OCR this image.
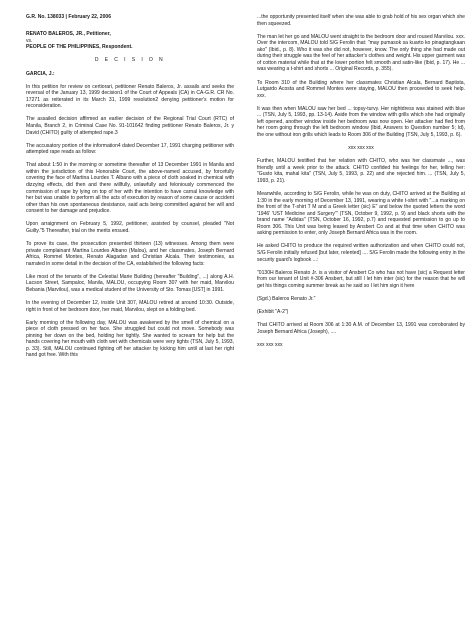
G.R. No. 138033 | February 22, 2006

RENATO BALEROS, JR., Petitioner,

vs.

PEOPLE OF THE PHILIPPINES, Respondent.

D E C I S I O N

GARCIA, J.:

In this petition for review on certiorari, petitioner Renato Baleros, Jr. assails and seeks the reversal of the January 13, 1999 decision1 of the Court of Appeals (CA) in CA-G.R. CR No. 17271 as reiterated in its March 31, 1999 resolution2 denying petitioner's motion for reconsideration.

The assailed decision affirmed an earlier decision of the Regional Trial Court (RTC) of Manila, Branch 2, in Criminal Case No. 91-101642 finding petitioner Renato Baleros, Jr. y David (CHITO) guilty of attempted rape.3

The accusatory portion of the information4 dated December 17, 1991 charging petitioner with attempted rape reads as follow:

That about 1:50 in the morning or sometime thereafter of 13 December 1991 in Manila and within the jurisdiction of this Honorable Court, the above-named accused, by forcefully covering the face of Martina Lourdes T. Albano with a piece of cloth soaked in chemical with dizzying effects, did then and there willfully, unlawfully and feloniously commenced the commission of rape by lying on top of her with the intention to have carnal knowledge with her but was unable to perform all the acts of execution by reason of some cause or accident other than his own spontaneous desistance, said acts being committed against her will and consent to her damage and prejudice.

Upon arraignment on February 5, 1992, petitioner, assisted by counsel, pleaded "Not Guilty."5 Thereafter, trial on the merits ensued.

To prove its case, the prosecution presented thirteen (13) witnesses. Among them were private complainant Martina Lourdes Albano (Malou), and her classmates, Joseph Bernard Africa, Rommel Montes, Renato Alagadan and Christian Alcala. Their testimonies, as narrated in some detail in the decision of the CA, established the following facts:

Like most of the tenants of the Celestial Marie Building (hereafter "Building", ...) along A.H. Lacson Street, Sampaloc, Manila, MALOU, occupying Room 307 with her maid, Marvilou Bebania (Marvilou), was a medical student of the University of Sto. Tomas [UST] in 1991.

In the evening of December 12, inside Unit 307, MALOU retired at around 10:30. Outside, right in front of her bedroom door, her maid, Marvilou, slept on a folding bed.

Early morning of the following day, MALOU was awakened by the smell of chemical on a piece of cloth pressed on her face. She struggled but could not move. Somebody was pinning her down on the bed, holding her tightly. She wanted to scream for help but the hands covering her mouth with cloth wet with chemicals were very tights (TSN, July 5, 1993, p. 33). Still, MALOU continued fighting off her attacker by kicking him until at last her right hand got free. With this

...the opportunity presented itself when she was able to grab hold of his sex organ which she then squeezed.

The man let her go and MALOU went straight to the bedroom door and roused Marvilou. xxx. Over the intercom, MALOU told S/G Ferolin that: "may pumasok sa kuarto ko pinagtangkaan ako" (Ibid., p. 8). Who it was she did not, however, know. The only thing she had made out during their struggle was the feel of her attacker's clothes and weight. His upper garment was of cotton material while that at the lower portion felt smooth and satin-like (Ibid, p. 17). He ... was wearing a t-shirt and shorts ... Original Records, p. 355).

To Room 310 of the Building where her classmates Christian Alcala, Bernard Baptista, Lutgardo Acosta and Rommel Montes were staying, MALOU then proceeded to seek help. xxx.

It was then when MALOU saw her bed ... topsy-turvy. Her nightdress was stained with blue ... (TSN, July 5, 1993, pp. 13-14). Aside from the window with grills which she had originally left opened, another window inside her bedroom was now open. Her attacker had fled from her room going through the left bedroom window (Ibid, Answers to Question number 5; Id), the one without iron grills which leads to Room 306 of the Building (TSN, July 5, 1993, p. 6).

xxx xxx xxx

Further, MALOU testified that her relation with CHITO, who was her classmate ..., was friendly until a week prior to the attack. CHITO confided his feelings for her, telling her: "Gusto kita, mahal kita" (TSN, July 5, 1993, p. 22) and she rejected him. ... (TSN, July 5, 1993, p. 21).

Meanwhile, according to S/G Ferolin, while he was on duty, CHITO arrived at the Building at 1:30 in the early morning of December 13, 1991, wearing a white t-shirt with "...a marking on the front of the T-shirt T M and a Greek letter (sic) E" and below the quoted letters the word '1946' 'UST Medicine and Surgery'" (TSN, October 9, 1992, p. 9) and black shorts with the brand name "Adidas" (TSN, October 16, 1992, p.7) and requested permission to go up to Room 306. This Unit was being leased by Ansbert Co and at that time when CHITO was asking permission to enter, only Joseph Bernard Africa was in the room.

He asked CHITO to produce the required written authorization and when CHITO could not, S/G Ferolin initially refused [but later, relented] .... S/G Ferolin made the following entry in the security guard's logbook ...:

"0130H Baleros Renato Jr. is a visitor of Ansbert Co who has not have (sic) a Request letter from our tenant of Unit #-306 Ansbert, but still I let him inter (sic) for the reason that he will get his things coming summer break as he said so I let him sign it here

(Sgd.) Baleros Renato Jr."

(Exhibit "A-2")

That CHITO arrived at Room 306 at 1:30 A.M. of December 13, 1991 was corroborated by Joseph Bernard Africa (Joseph), ....

xxx xxx xxx
